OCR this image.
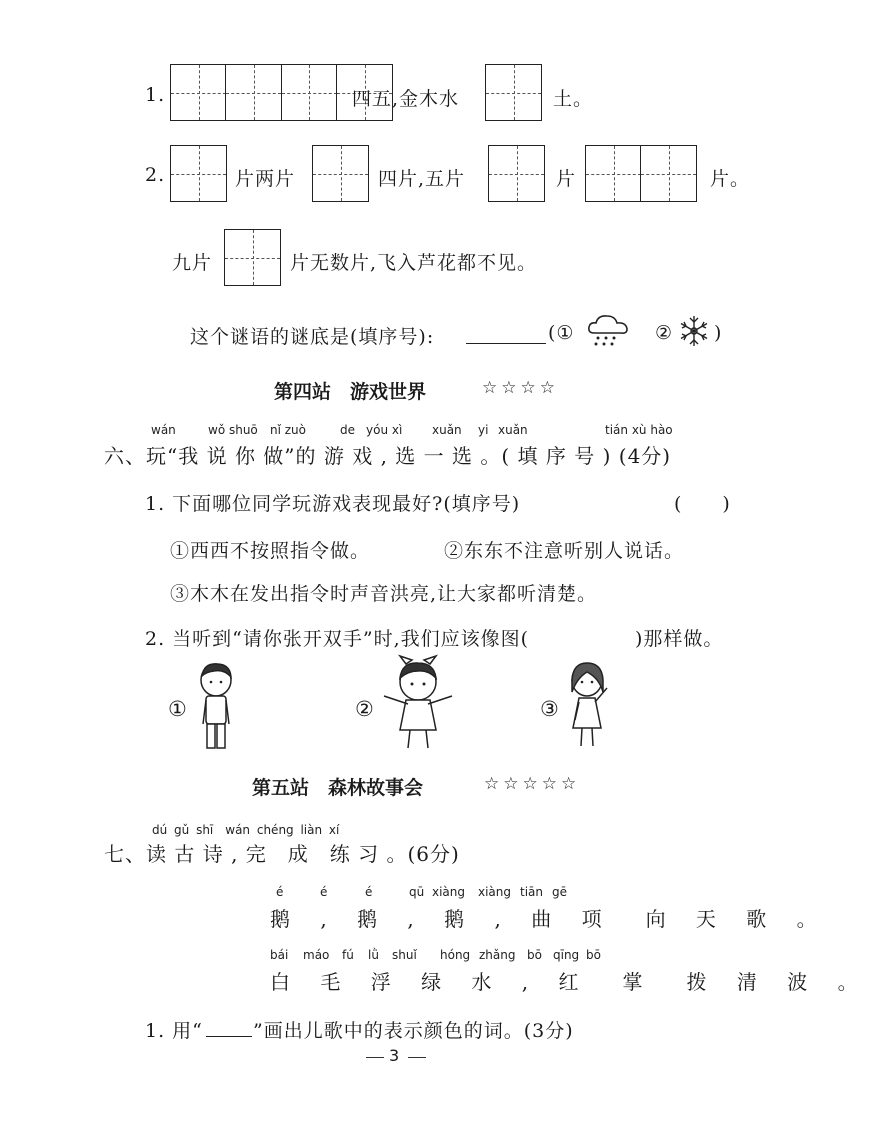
1.	四五,金木水	土。
2.	片两片	四片,五片	片	片。
九片	片无数片,飞入芦花都不见。
这个谜语的谜底是(填序号):	(①	② )
第四站　游戏世界	☆☆☆☆
wán	wǒ shuō nǐ zuò	de yóu xì xuǎn yi xuǎn	tián xù hào
六、玩“我 说 你 做”的 游 戏 , 选 一 选 。( 填 序 号 ) (4分)
1. 下面哪位同学玩游戏表现最好?(填序号)	(　　)
①西西不按照指令做。	②东东不注意听别人说话。
③木木在发出指令时声音洪亮,让大家都听清楚。
2. 当听到“请你张开双手”时,我们应该像图(	)那样做。
①	②	③
第五站　森林故事会	☆☆☆☆☆
dú gǔ shī　wán chéng liàn xí
七、读 古 诗 , 完　成　练 习 。(6分)
é	é	é	qū xiàng xiàng tiān gē
鹅 , 鹅 , 鹅 , 曲 项　向 天 歌 。
bái máo fú lǜ shuǐ hóng zhǎng bō qīng bō
白 毛 浮 绿 水 , 红　掌　拨 清 波 。
1. 用“	”画出儿歌中的表示颜色的词。(3分)
3
